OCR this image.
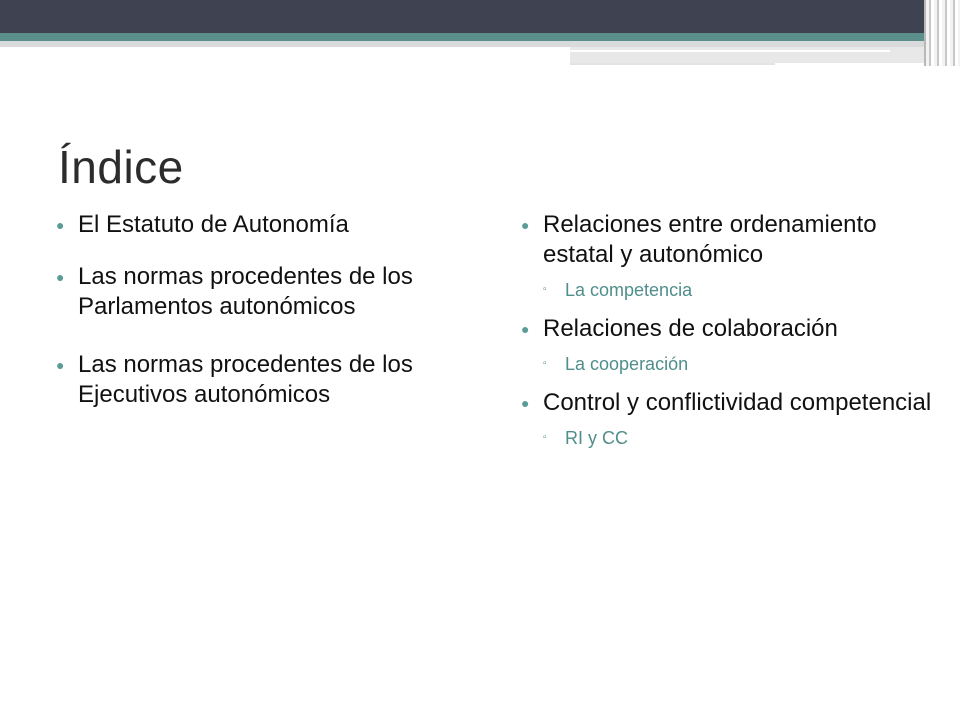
Índice
● El Estatuto de Autonomía
● Las normas procedentes de los Parlamentos autonómicos
● Las normas procedentes de los Ejecutivos autonómicos
● Relaciones entre ordenamiento estatal y autonómico
▫ La competencia
● Relaciones de colaboración
▫ La cooperación
● Control y conflictividad competencial
▫ RI y CC
